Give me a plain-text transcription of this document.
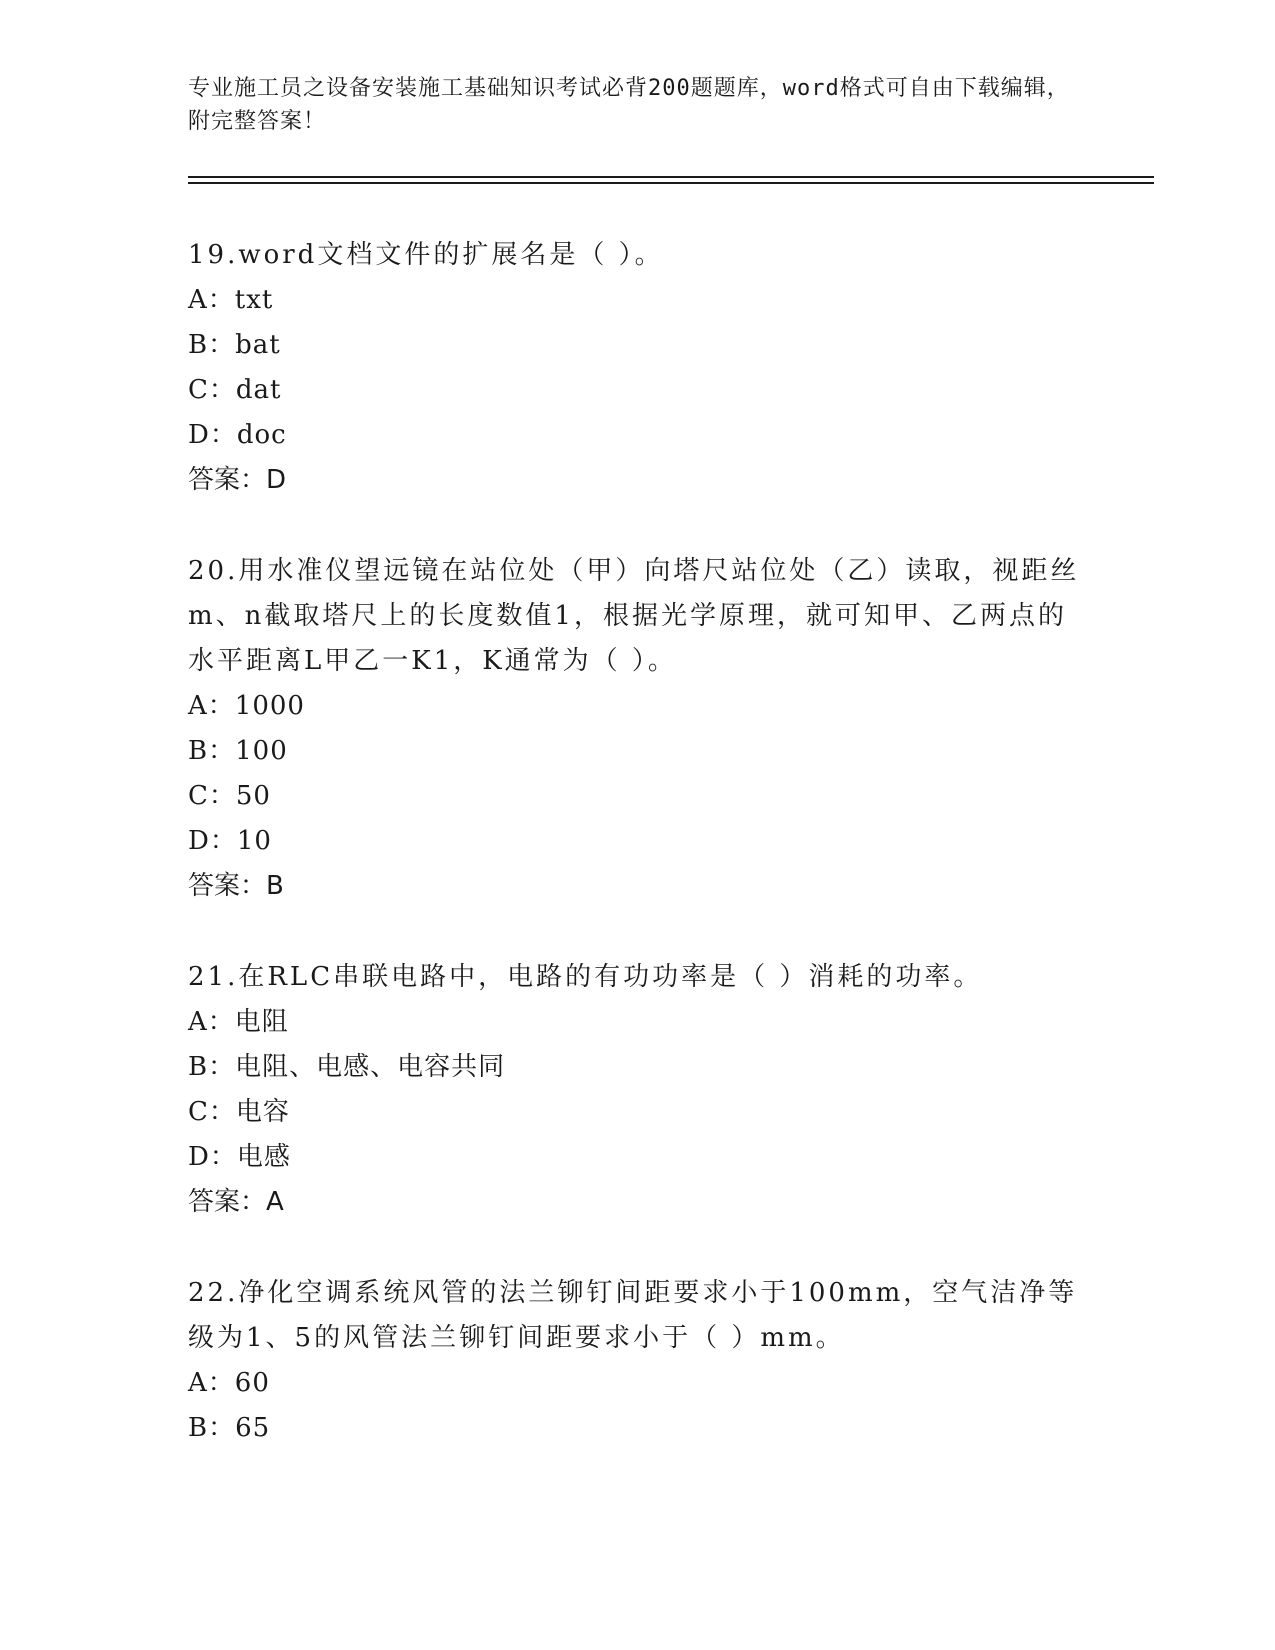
专业施工员之设备安装施工基础知识考试必背200题题库，word格式可自由下载编辑，附完整答案！

19.word文档文件的扩展名是（ ）。

A：txt
B：bat
C：dat
D：doc
答案：D

20.用水准仪望远镜在站位处（甲）向塔尺站位处（乙）读取，视距丝m、n截取塔尺上的长度数值1，根据光学原理，就可知甲、乙两点的水平距离L甲乙一K1，K通常为（ ）。

A：1000
B：100
C：50
D：10
答案：B

21.在RLC串联电路中，电路的有功功率是（ ）消耗的功率。

A：电阻
B：电阻、电感、电容共同
C：电容
D：电感
答案：A

22.净化空调系统风管的法兰铆钉间距要求小于100mm，空气洁净等级为1、5的风管法兰铆钉间距要求小于（ ）mm。

A：60
B：65
